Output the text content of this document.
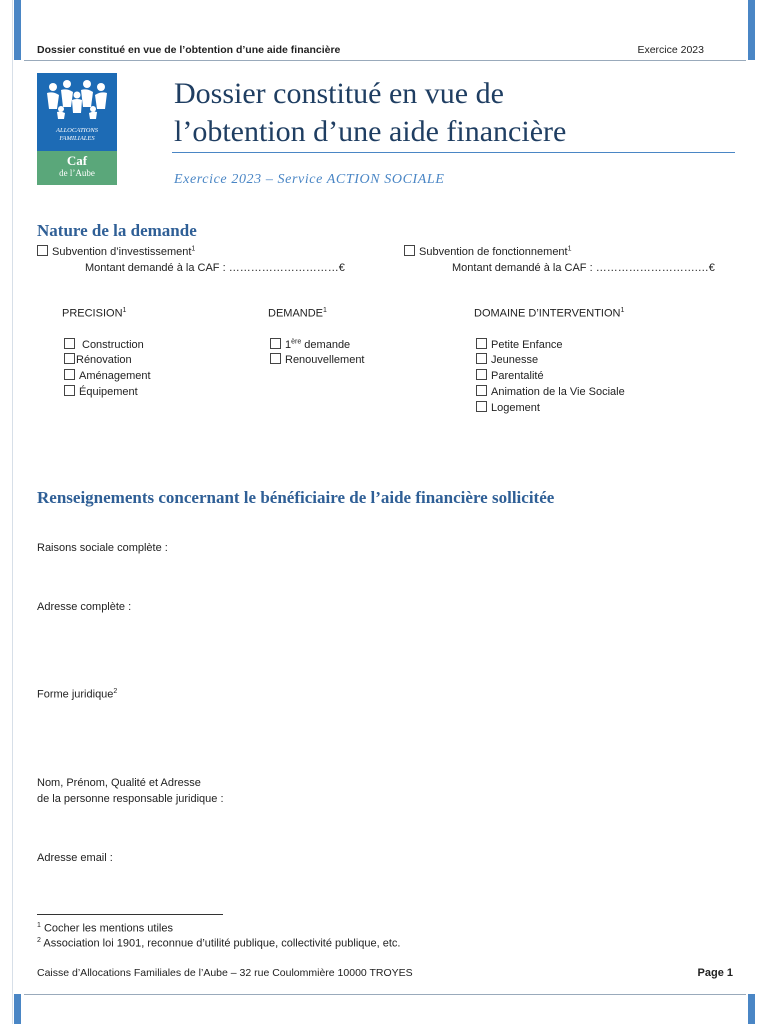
Dossier constitué en vue de l’obtention d’une aide financière	Exercice 2023
ALLOCATIONS
FAMILIALES
Caf
de l’Aube
Dossier constitué en vue de
l’obtention d’une aide financière
Exercice 2023 – Service ACTION SOCIALE
Nature de la demande
Subvention d’investissement$^1$
Montant demandé à la CAF : …………………………€
Subvention de fonctionnement$^1$
Montant demandé à la CAF : ……………………….…€
PRECISION$^1$
Construction
Rénovation
Aménagement
Équipement
DEMANDE$^1$
1ère demande
Renouvellement
DOMAINE D’INTERVENTION$^1$
Petite Enfance
Jeunesse
Parentalité
Animation de la Vie Sociale
Logement
Renseignements concernant le bénéficiaire de l’aide financière sollicitée
Raisons sociale complète :
Adresse complète :
Forme juridique$^2$
Nom, Prénom, Qualité et Adresse
de la personne responsable juridique :
Adresse email :
$^1$ Cocher les mentions utiles
$^2$ Association loi 1901, reconnue d’utilité publique, collectivité publique, etc.
Caisse d’Allocations Familiales de l’Aube – 32 rue Coulommière 10000 TROYES	Page 1
